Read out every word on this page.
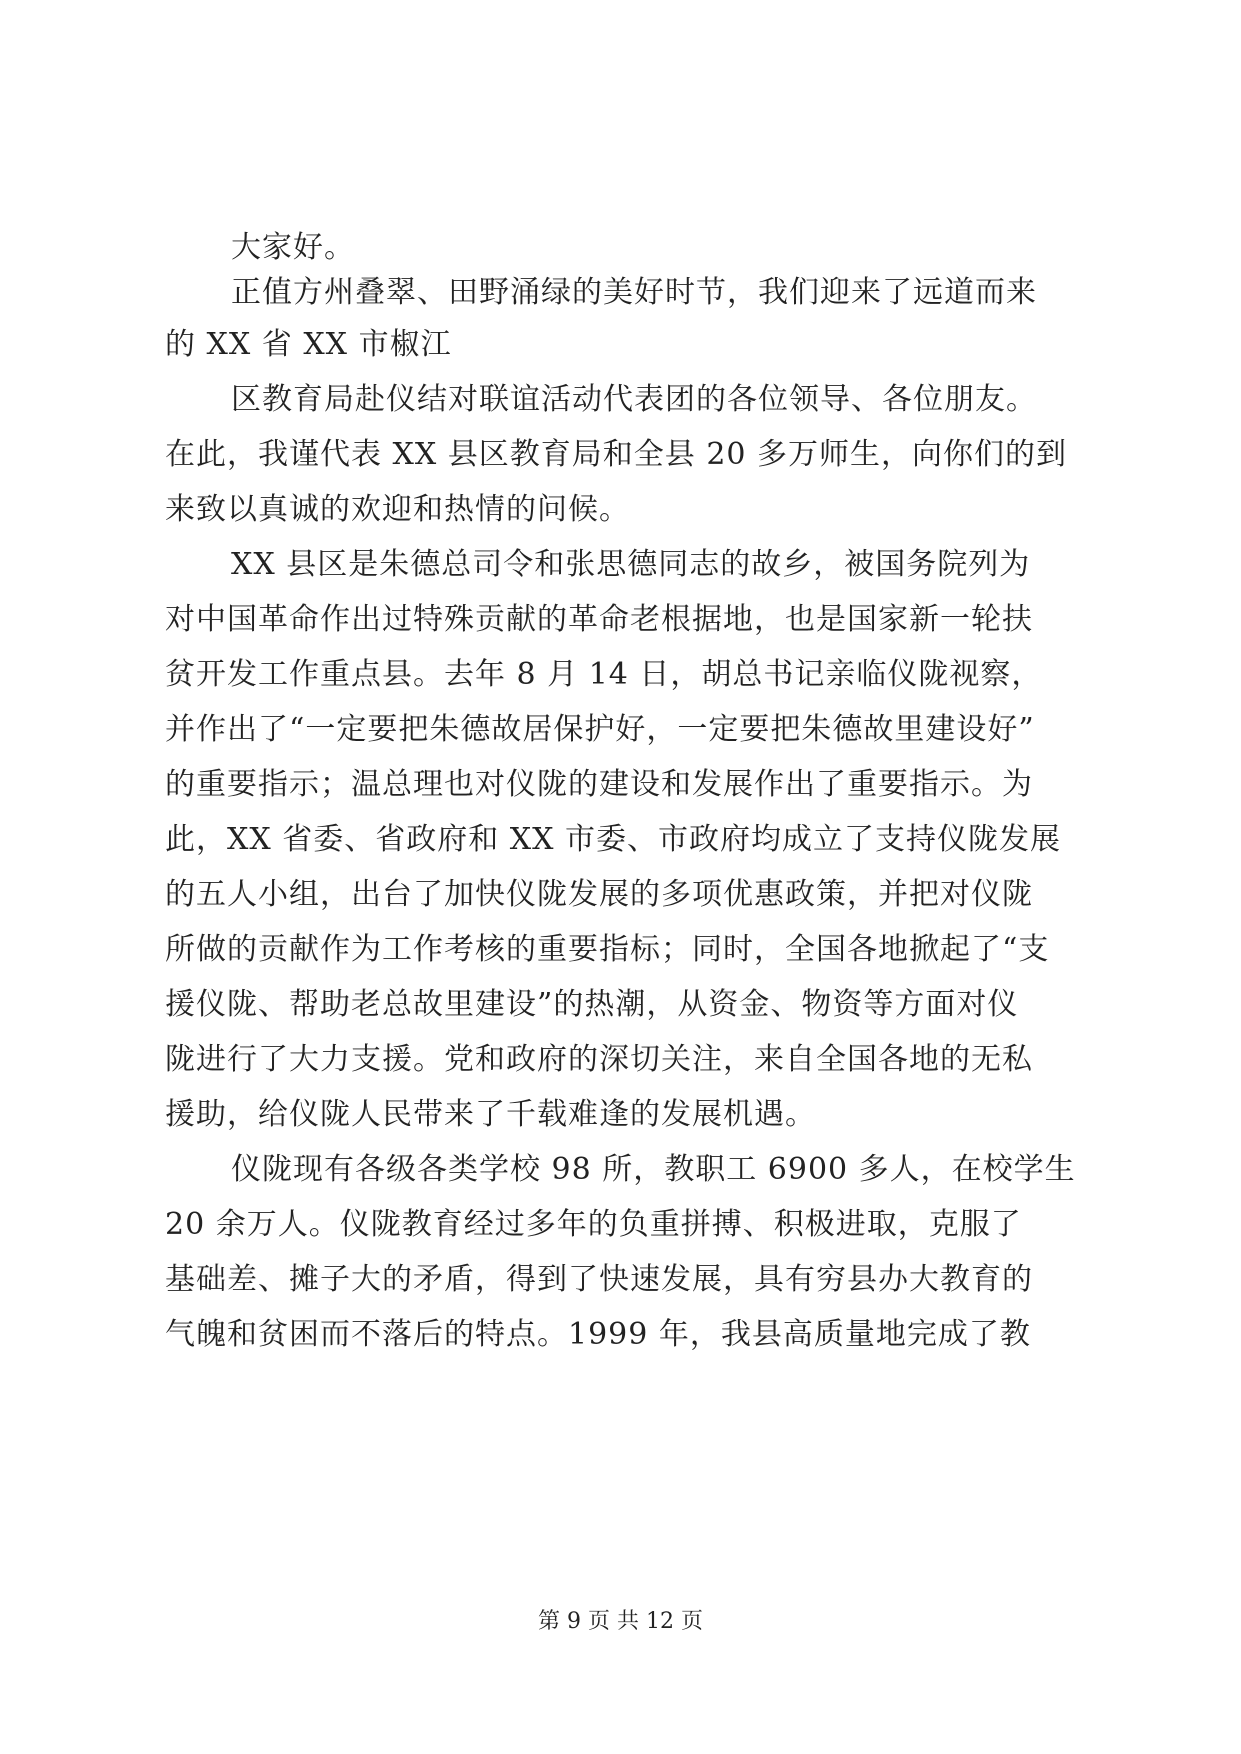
大家好。
正值方州叠翠、田野涌绿的美好时节，我们迎来了远道而来
的 XX 省 XX 市椒江
区教育局赴仪结对联谊活动代表团的各位领导、各位朋友。
在此，我谨代表 XX 县区教育局和全县 20 多万师生，向你们的到
来致以真诚的欢迎和热情的问候。
XX 县区是朱德总司令和张思德同志的故乡，被国务院列为
对中国革命作出过特殊贡献的革命老根据地，也是国家新一轮扶
贫开发工作重点县。去年 8 月 14 日，胡总书记亲临仪陇视察，
并作出了“一定要把朱德故居保护好，一定要把朱德故里建设好”
的重要指示；温总理也对仪陇的建设和发展作出了重要指示。为
此，XX 省委、省政府和 XX 市委、市政府均成立了支持仪陇发展
的五人小组，出台了加快仪陇发展的多项优惠政策，并把对仪陇
所做的贡献作为工作考核的重要指标；同时，全国各地掀起了“支
援仪陇、帮助老总故里建设”的热潮，从资金、物资等方面对仪
陇进行了大力支援。党和政府的深切关注，来自全国各地的无私
援助，给仪陇人民带来了千载难逢的发展机遇。
仪陇现有各级各类学校 98 所，教职工 6900 多人，在校学生
20 余万人。仪陇教育经过多年的负重拼搏、积极进取，克服了
基础差、摊子大的矛盾，得到了快速发展，具有穷县办大教育的
气魄和贫困而不落后的特点。1999 年，我县高质量地完成了教
第 9 页 共 12 页
